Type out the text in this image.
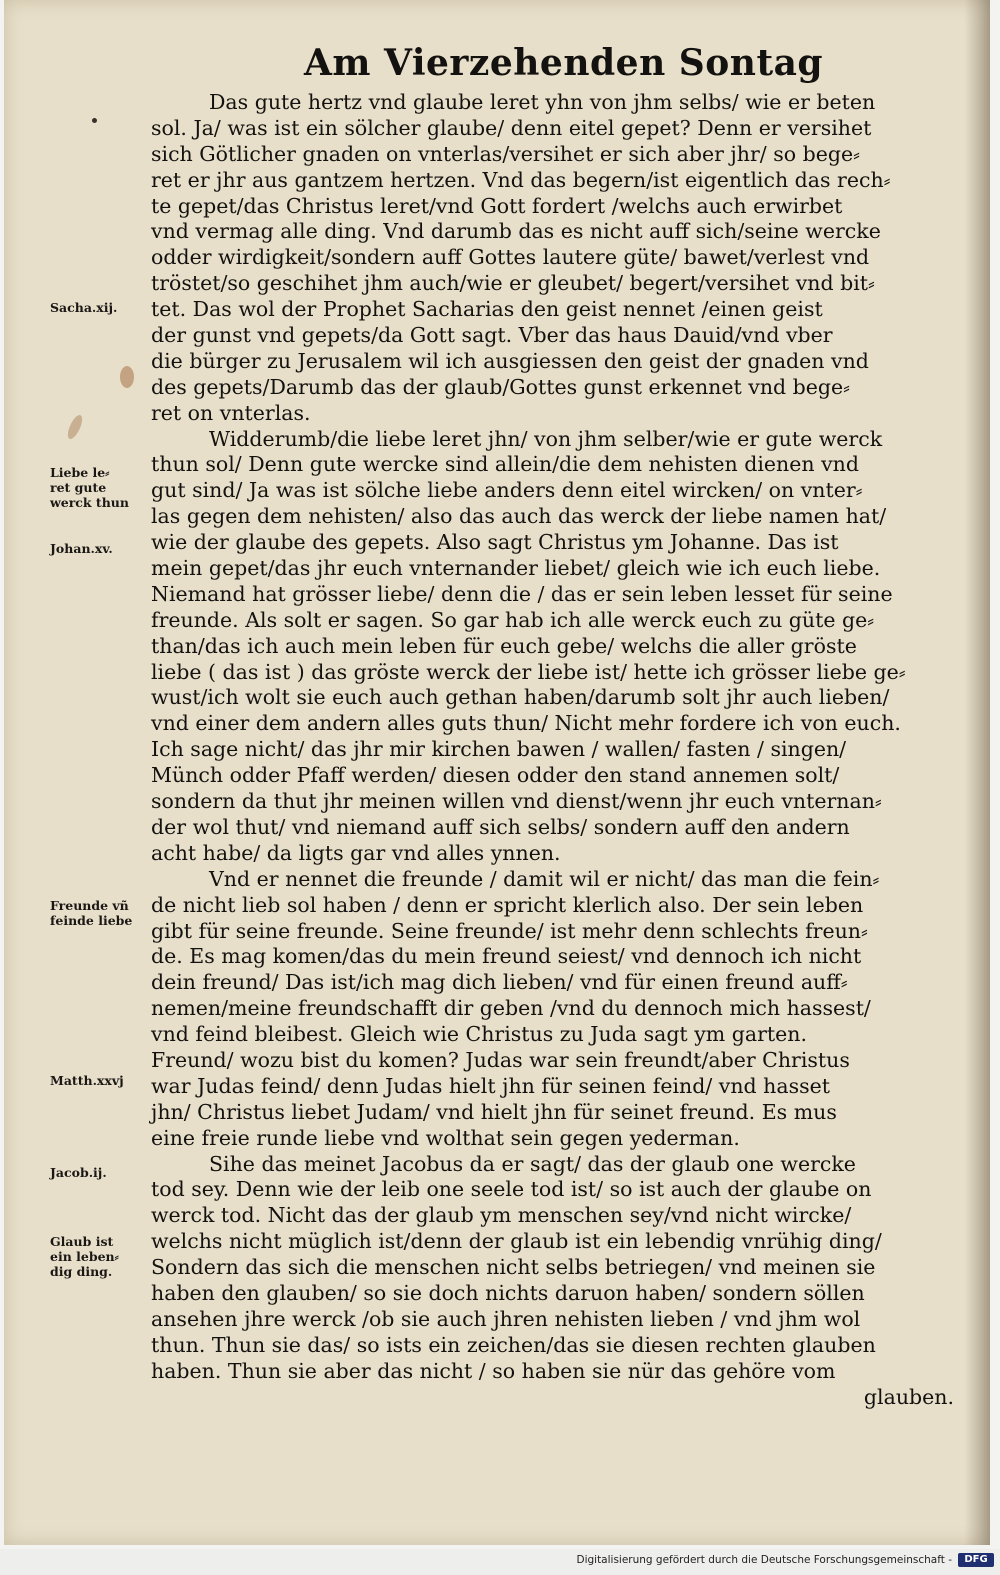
Am Vierzehenden Sontag

Das gute hertz vnd glaube leret yhn von jhm selbs/ wie er beten
sol. Ja/ was ist ein sölcher glaube/ denn eitel gepet? Denn er versihet
sich Götlicher gnaden on vnterlas/versihet er sich aber jhr/ so bege⸗
ret er jhr aus gantzem hertzen. Vnd das begern/ist eigentlich das rech⸗
te gepet/das Christus leret/vnd Gott fordert /welchs auch erwirbet
vnd vermag alle ding. Vnd darumb das es nicht auff sich/seine wercke
odder wirdigkeit/sondern auff Gottes lautere güte/ bawet/verlest vnd
tröstet/so geschihet jhm auch/wie er gleubet/ begert/versihet vnd bit⸗
tet. Das wol der Prophet Sacharias den geist nennet /einen geist
der gunst vnd gepets/da Gott sagt. Vber das haus Dauid/vnd vber
die bürger zu Jerusalem wil ich ausgiessen den geist der gnaden vnd
des gepets/Darumb das der glaub/Gottes gunst erkennet vnd bege⸗
ret on vnterlas.

Widderumb/die liebe leret jhn/ von jhm selber/wie er gute werck
thun sol/ Denn gute wercke sind allein/die dem nehisten dienen vnd
gut sind/ Ja was ist sölche liebe anders denn eitel wircken/ on vnter⸗
las gegen dem nehisten/ also das auch das werck der liebe namen hat/
wie der glaube des gepets. Also sagt Christus ym Johanne. Das ist
mein gepet/das jhr euch vnternander liebet/ gleich wie ich euch liebe.
Niemand hat grösser liebe/ denn die / das er sein leben lesset für seine
freunde. Als solt er sagen. So gar hab ich alle werck euch zu güte ge⸗
than/das ich auch mein leben für euch gebe/ welchs die aller gröste
liebe ( das ist ) das gröste werck der liebe ist/ hette ich grösser liebe ge⸗
wust/ich wolt sie euch auch gethan haben/darumb solt jhr auch lieben/
vnd einer dem andern alles guts thun/ Nicht mehr fordere ich von euch.
Ich sage nicht/ das jhr mir kirchen bawen / wallen/ fasten / singen/
Münch odder Pfaff werden/ diesen odder den stand annemen solt/
sondern da thut jhr meinen willen vnd dienst/wenn jhr euch vnternan⸗
der wol thut/ vnd niemand auff sich selbs/ sondern auff den andern
acht habe/ da ligts gar vnd alles ynnen.

Vnd er nennet die freunde / damit wil er nicht/ das man die fein⸗
de nicht lieb sol haben / denn er spricht klerlich also. Der sein leben
gibt für seine freunde. Seine freunde/ ist mehr denn schlechts freun⸗
de. Es mag komen/das du mein freund seiest/ vnd dennoch ich nicht
dein freund/ Das ist/ich mag dich lieben/ vnd für einen freund auff⸗
nemen/meine freundschafft dir geben /vnd du dennoch mich hassest/
vnd feind bleibest. Gleich wie Christus zu Juda sagt ym garten.
Freund/ wozu bist du komen? Judas war sein freundt/aber Christus
war Judas feind/ denn Judas hielt jhn für seinen feind/ vnd hasset
jhn/ Christus liebet Judam/ vnd hielt jhn für seinet freund. Es mus
eine freie runde liebe vnd wolthat sein gegen yederman.

Sihe das meinet Jacobus da er sagt/ das der glaub one wercke
tod sey. Denn wie der leib one seele tod ist/ so ist auch der glaube on
werck tod. Nicht das der glaub ym menschen sey/vnd nicht wircke/
welchs nicht müglich ist/denn der glaub ist ein lebendig vnrühig ding/
Sondern das sich die menschen nicht selbs betriegen/ vnd meinen sie
haben den glauben/ so sie doch nichts daruon haben/ sondern söllen
ansehen jhre werck /ob sie auch jhren nehisten lieben / vnd jhm wol
thun. Thun sie das/ so ists ein zeichen/das sie diesen rechten glauben
haben. Thun sie aber das nicht / so haben sie nür das gehöre vom
glauben.

Sacha.xij.
Liebe le⸗
ret gute
werck thun
Johan.xv.
Freunde vñ
feinde liebe
Matth.xxvj
Jacob.ij.
Glaub ist
ein leben⸗
dig ding.
Digitalisierung gefördert durch die Deutsche Forschungsgemeinschaft -	DFG
